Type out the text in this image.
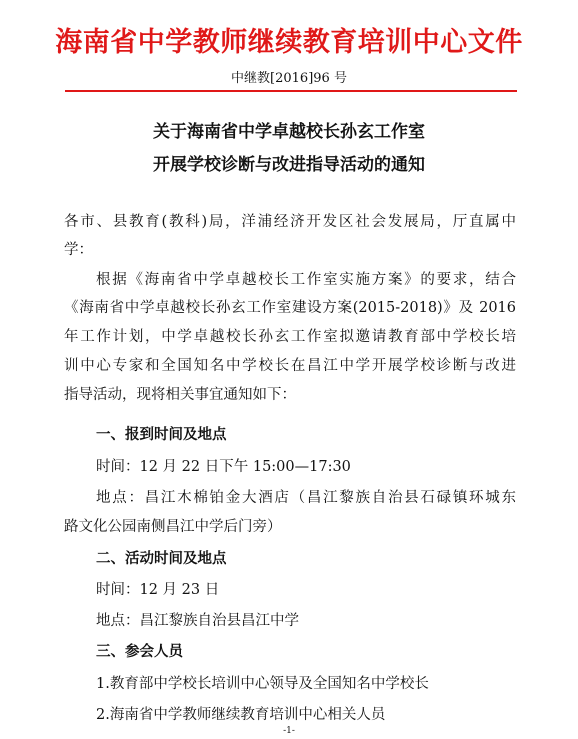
海南省中学教师继续教育培训中心文件
中继教[2016]96 号
关于海南省中学卓越校长孙玄工作室
开展学校诊断与改进指导活动的通知
各市、县教育(教科)局，洋浦经济开发区社会发展局，厅直属中
学：
根据《海南省中学卓越校长工作室实施方案》的要求，结合
《海南省中学卓越校长孙玄工作室建设方案(2015-2018)》及 2016
年工作计划，中学卓越校长孙玄工作室拟邀请教育部中学校长培
训中心专家和全国知名中学校长在昌江中学开展学校诊断与改进
指导活动，现将相关事宜通知如下：
一、报到时间及地点
时间：12 月 22 日下午 15:00—17:30
地点：昌江木棉铂金大酒店（昌江黎族自治县石碌镇环城东
路文化公园南侧昌江中学后门旁）
二、活动时间及地点
时间：12 月 23 日
地点：昌江黎族自治县昌江中学
三、参会人员
1.教育部中学校长培训中心领导及全国知名中学校长
2.海南省中学教师继续教育培训中心相关人员
-1-
